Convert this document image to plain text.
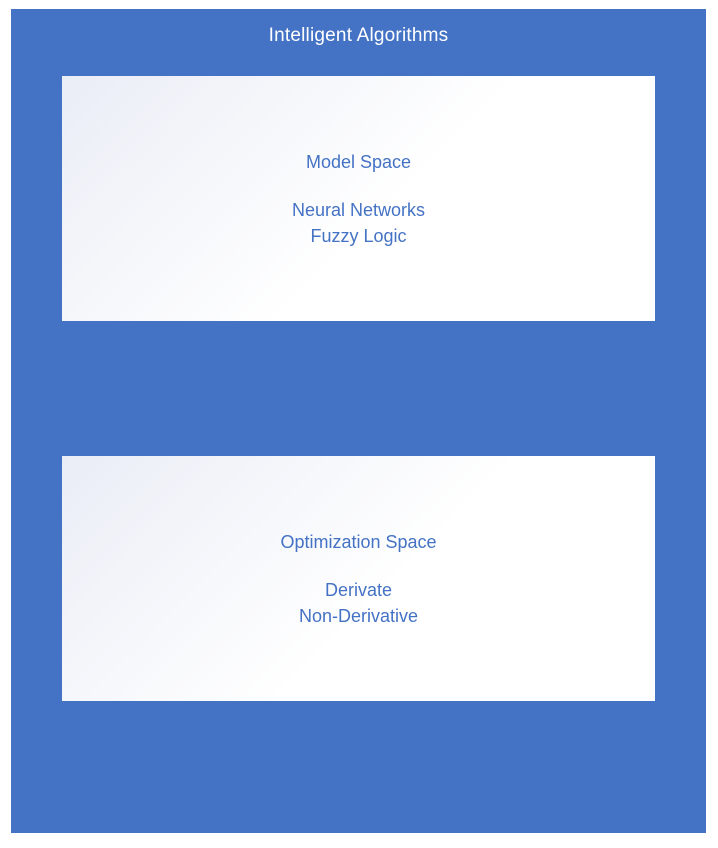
Intelligent Algorithms
Model Space
Neural Networks
Fuzzy Logic
Optimization Space
Derivate
Non-Derivative
